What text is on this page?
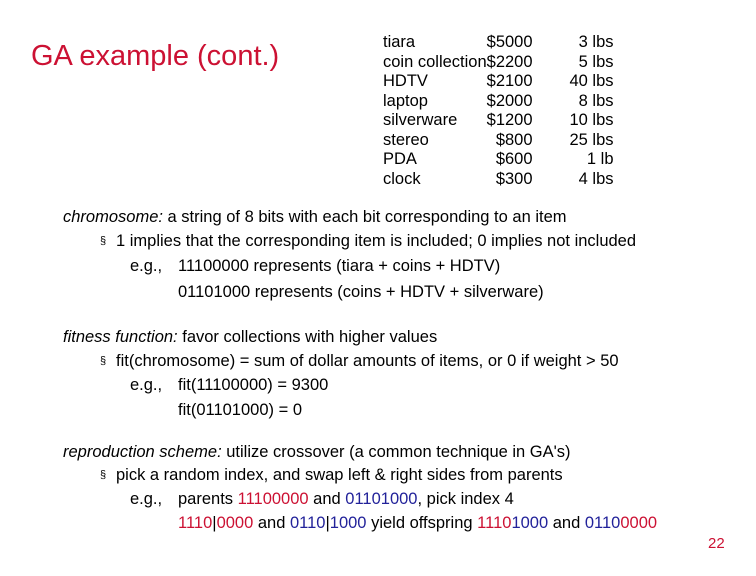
GA example (cont.)	tiara	$5000	3 lbs
coin collection	$2200	5 lbs
HDTV	$2100	40 lbs
laptop	$2000	8 lbs
silverware	$1200	10 lbs
stereo	$800	25 lbs
PDA	$600	1 lb
clock	$300	4 lbs
chromosome: a string of 8 bits with each bit corresponding to an item
§ 1 implies that the corresponding item is included; 0 implies not included
e.g., 11100000 represents (tiara + coins + HDTV)
01101000 represents (coins + HDTV + silverware)
fitness function: favor collections with higher values
§ fit(chromosome) = sum of dollar amounts of items, or 0 if weight > 50
e.g., fit(11100000) = 9300
fit(01101000) = 0
reproduction scheme: utilize crossover (a common technique in GA's)
§ pick a random index, and swap left & right sides from parents
e.g., parents 11100000 and 01101000, pick index 4
1110|0000 and 0110|1000 yield offspring 11101000 and 01100000
22
